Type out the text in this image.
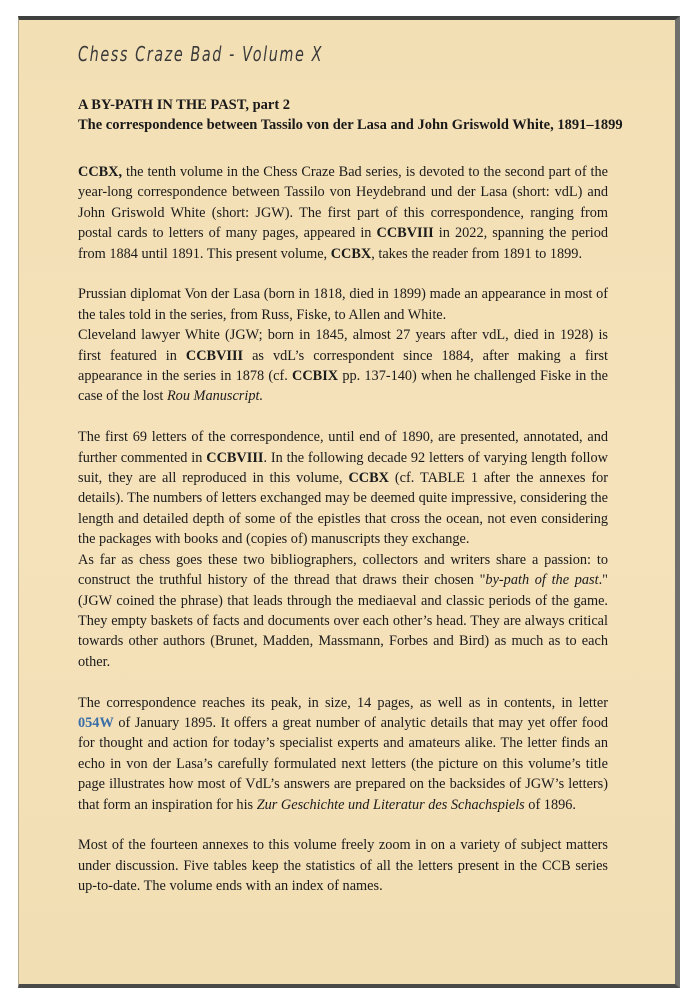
Chess Craze Bad - Volume X
A BY-PATH IN THE PAST, part 2
The correspondence between Tassilo von der Lasa and John Griswold White, 1891–1899

CCBX, the tenth volume in the Chess Craze Bad series, is devoted to the second part of the year-long correspondence between Tassilo von Heydebrand und der Lasa (short: vdL) and John Griswold White (short: JGW). The first part of this correspondence, ranging from postal cards to letters of many pages, appeared in CCBVIII in 2022, spanning the period from 1884 until 1891. This present volume, CCBX, takes the reader from 1891 to 1899.

Prussian diplomat Von der Lasa (born in 1818, died in 1899) made an appearance in most of the tales told in the series, from Russ, Fiske, to Allen and White.

Cleveland lawyer White (JGW; born in 1845, almost 27 years after vdL, died in 1928) is first featured in CCBVIII as vdL’s correspondent since 1884, after making a first appearance in the series in 1878 (cf. CCBIX pp. 137-140) when he challenged Fiske in the case of the lost Rou Manuscript.

The first 69 letters of the correspondence, until end of 1890, are presented, annotated, and further commented in CCBVIII. In the following decade 92 letters of varying length follow suit, they are all reproduced in this volume, CCBX (cf. TABLE 1 after the annexes for details). The numbers of letters exchanged may be deemed quite impressive, considering the length and detailed depth of some of the epistles that cross the ocean, not even considering the packages with books and (copies of) manuscripts they exchange.

As far as chess goes these two bibliographers, collectors and writers share a passion: to construct the truthful history of the thread that draws their chosen "by-path of the past." (JGW coined the phrase) that leads through the mediaeval and classic periods of the game. They empty baskets of facts and documents over each other’s head. They are always critical towards other authors (Brunet, Madden, Massmann, Forbes and Bird) as much as to each other.

The correspondence reaches its peak, in size, 14 pages, as well as in contents, in letter 054W of January 1895. It offers a great number of analytic details that may yet offer food for thought and action for today’s specialist experts and amateurs alike. The letter finds an echo in von der Lasa’s carefully formulated next letters (the picture on this volume’s title page illustrates how most of VdL’s answers are prepared on the backsides of JGW’s letters) that form an inspiration for his Zur Geschichte und Literatur des Schachspiels of 1896.

Most of the fourteen annexes to this volume freely zoom in on a variety of subject matters under discussion. Five tables keep the statistics of all the letters present in the CCB series up-to-date. The volume ends with an index of names.
